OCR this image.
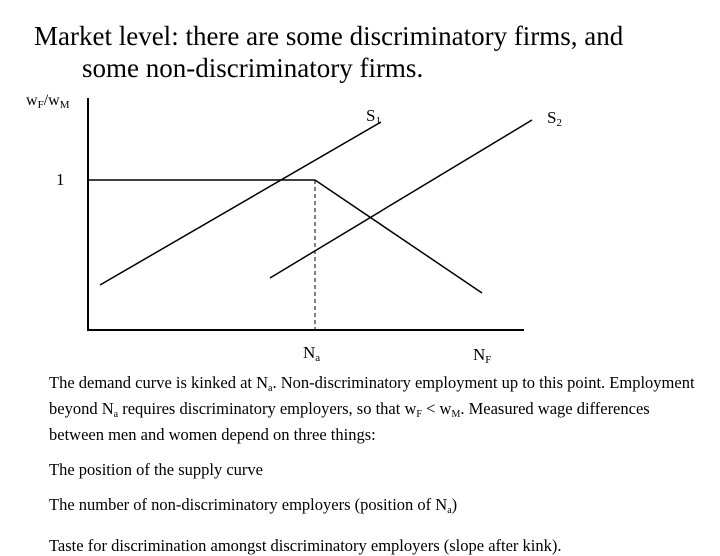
Market level: there are some discriminatory firms, and
some non-discriminatory firms.
$w_F/w_M$
1
$S_1$	$S_2$
$N_a$	$N_F$

The demand curve is kinked at $N_a$. Non-discriminatory employment up to this point. Employment beyond $N_a$ requires discriminatory employers, so that $w_F < w_M$. Measured wage differences between men and women depend on three things:

The position of the supply curve

The number of non-discriminatory employers (position of $N_a$)

Taste for discrimination amongst discriminatory employers (slope after kink).
